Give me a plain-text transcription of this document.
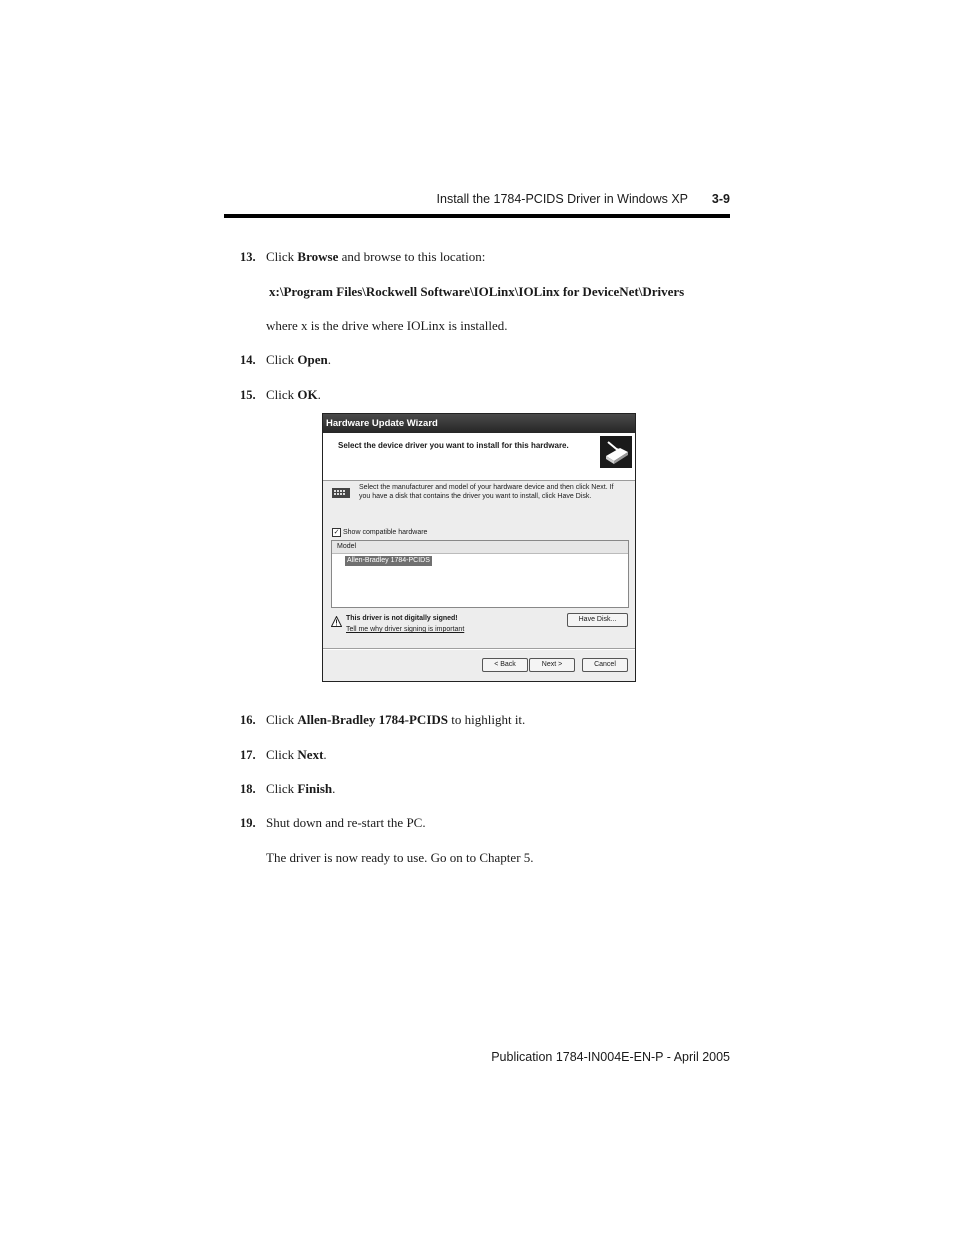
Install the 1784-PCIDS Driver in Windows XP	3-9
13. Click Browse and browse to this location:
x:\Program Files\Rockwell Software\IOLinx\IOLinx for DeviceNet\Drivers
where x is the drive where IOLinx is installed.
14. Click Open.
15. Click OK.
Hardware Update Wizard
Select the device driver you want to install for this hardware.
Select the manufacturer and model of your hardware device and then click Next. If you have a disk that contains the driver you want to install, click Have Disk.
✓ Show compatible hardware
Model
Allen-Bradley 1784-PCIDS
This driver is not digitally signed!
Tell me why driver signing is important
Have Disk...
< Back	Next >	Cancel
16. Click Allen-Bradley 1784-PCIDS to highlight it.
17. Click Next.
18. Click Finish.
19. Shut down and re-start the PC.
The driver is now ready to use. Go on to Chapter 5.
Publication 1784-IN004E-EN-P - April 2005
